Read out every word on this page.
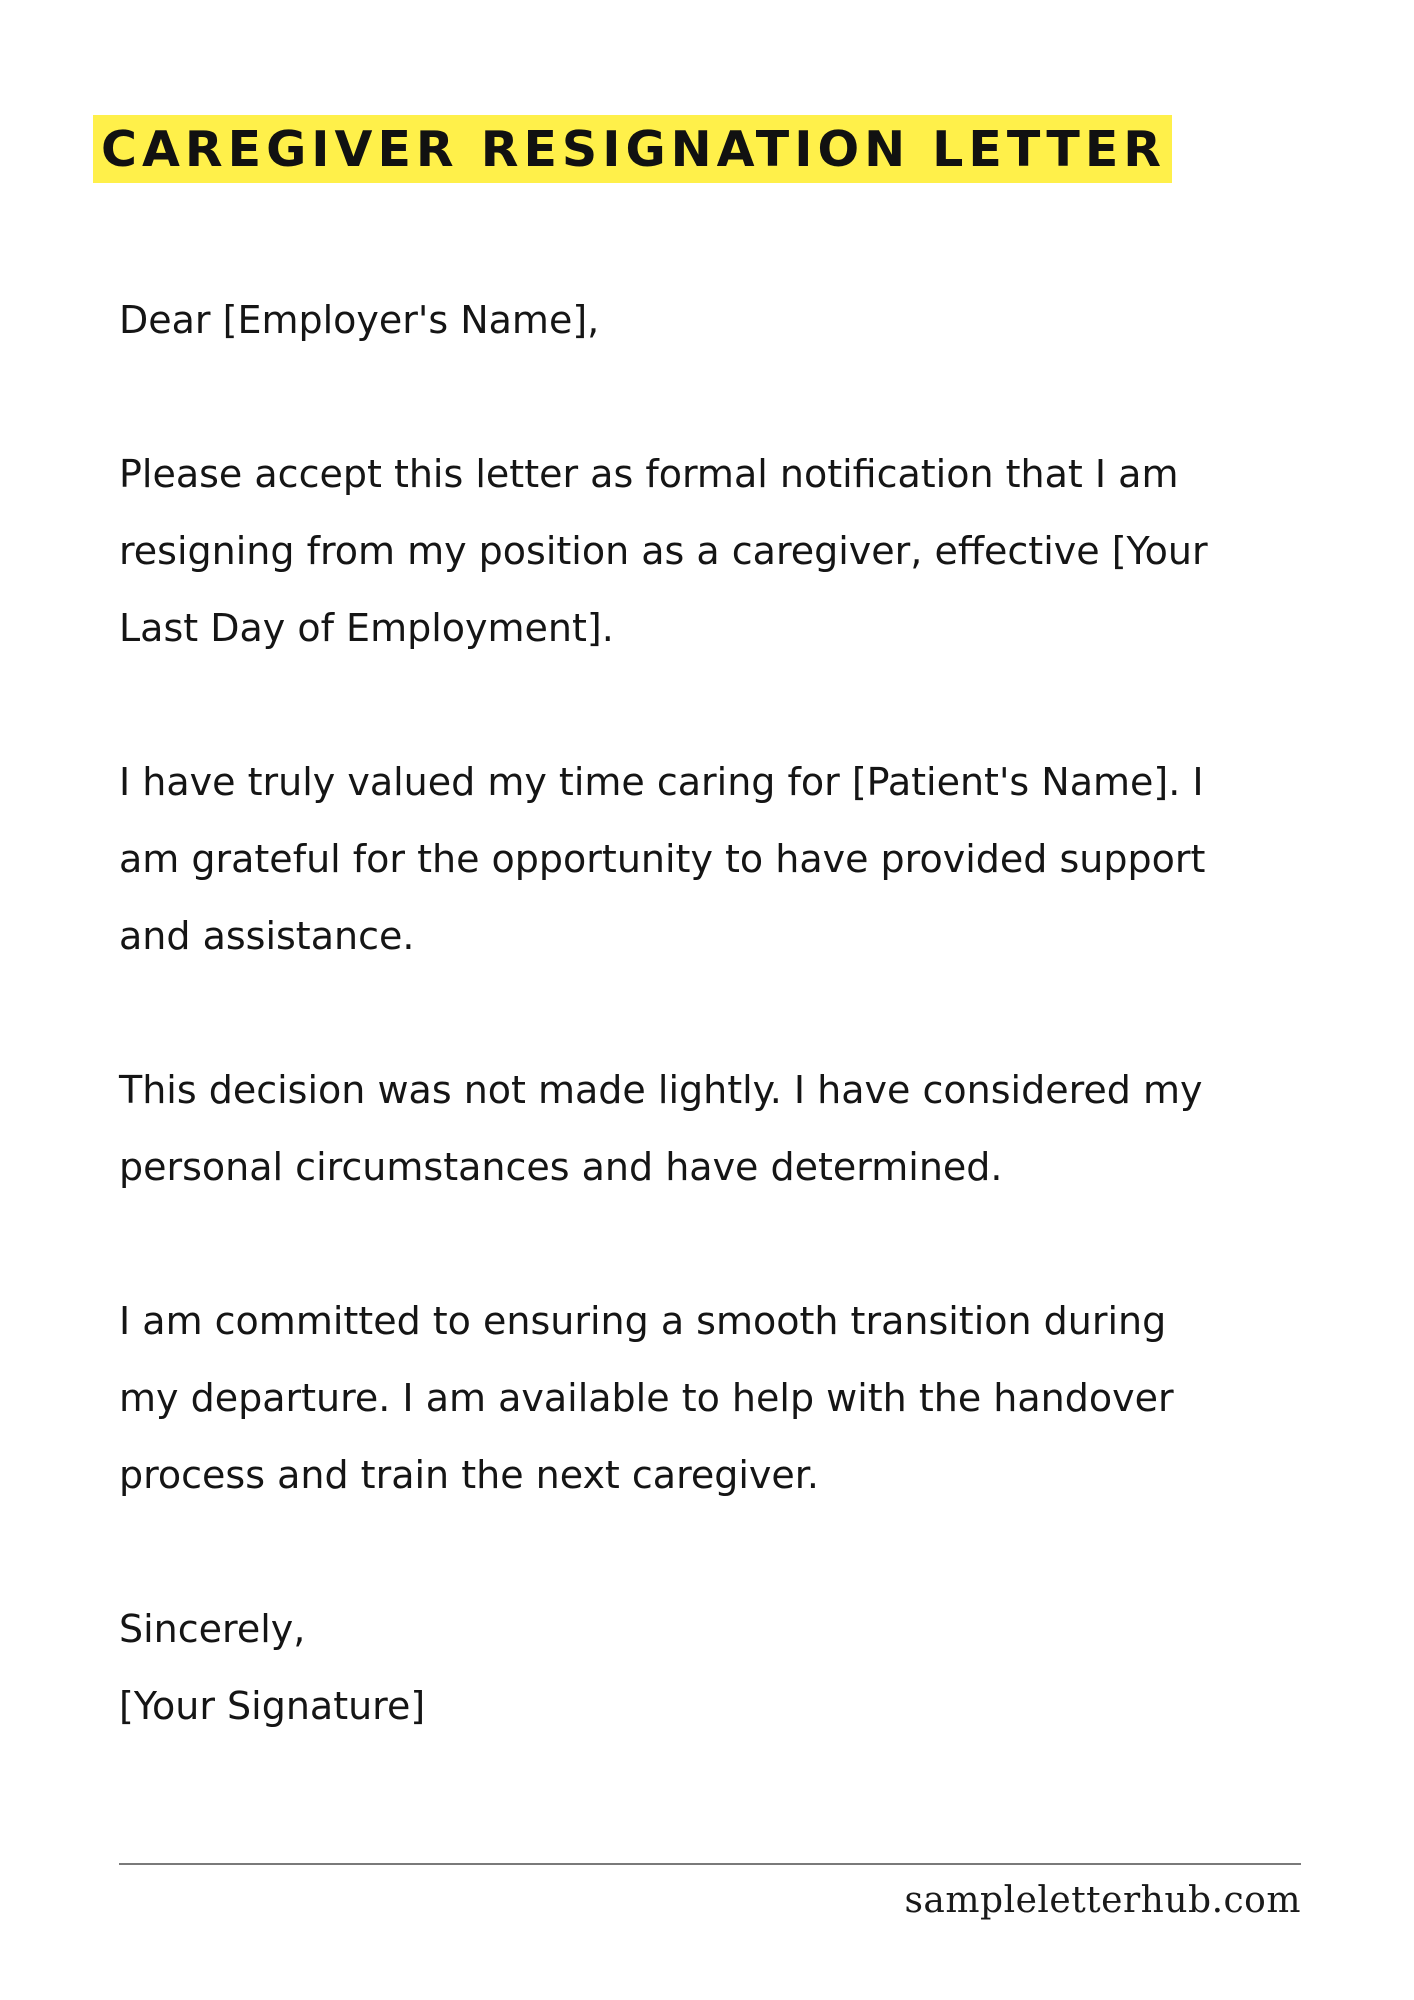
CAREGIVER RESIGNATION LETTER

Dear [Employer's Name],

Please accept this letter as formal notification that I am
resigning from my position as a caregiver, effective [Your
Last Day of Employment].

I have truly valued my time caring for [Patient's Name]. I
am grateful for the opportunity to have provided support
and assistance.

This decision was not made lightly. I have considered my
personal circumstances and have determined.

I am committed to ensuring a smooth transition during
my departure. I am available to help with the handover
process and train the next caregiver.

Sincerely,

[Your Signature]

sampleletterhub.com
